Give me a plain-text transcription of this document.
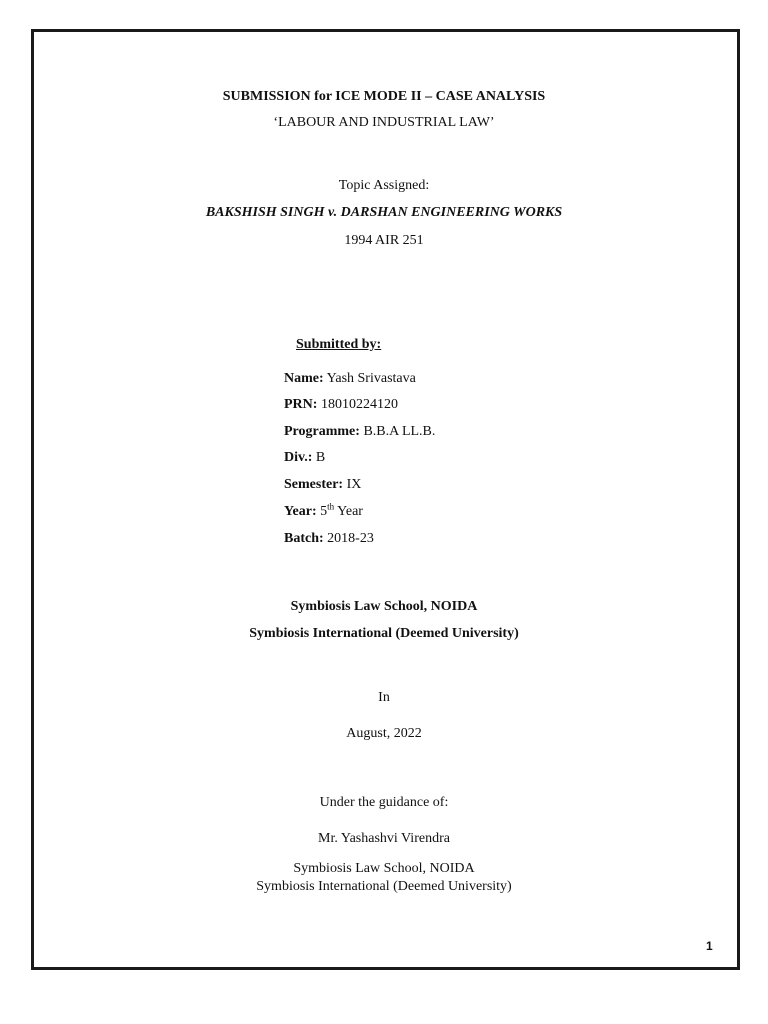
SUBMISSION for ICE MODE II – CASE ANALYSIS
‘LABOUR AND INDUSTRIAL LAW’
Topic Assigned:
BAKSHISH SINGH v. DARSHAN ENGINEERING WORKS
1994 AIR 251
Submitted by:
Name: Yash Srivastava
PRN: 18010224120
Programme: B.B.A LL.B.
Div.: B
Semester: IX
Year: 5th Year
Batch: 2018-23
Symbiosis Law School, NOIDA
Symbiosis International (Deemed University)
In
August, 2022
Under the guidance of:
Mr. Yashashvi Virendra
Symbiosis Law School, NOIDA
Symbiosis International (Deemed University)
1
